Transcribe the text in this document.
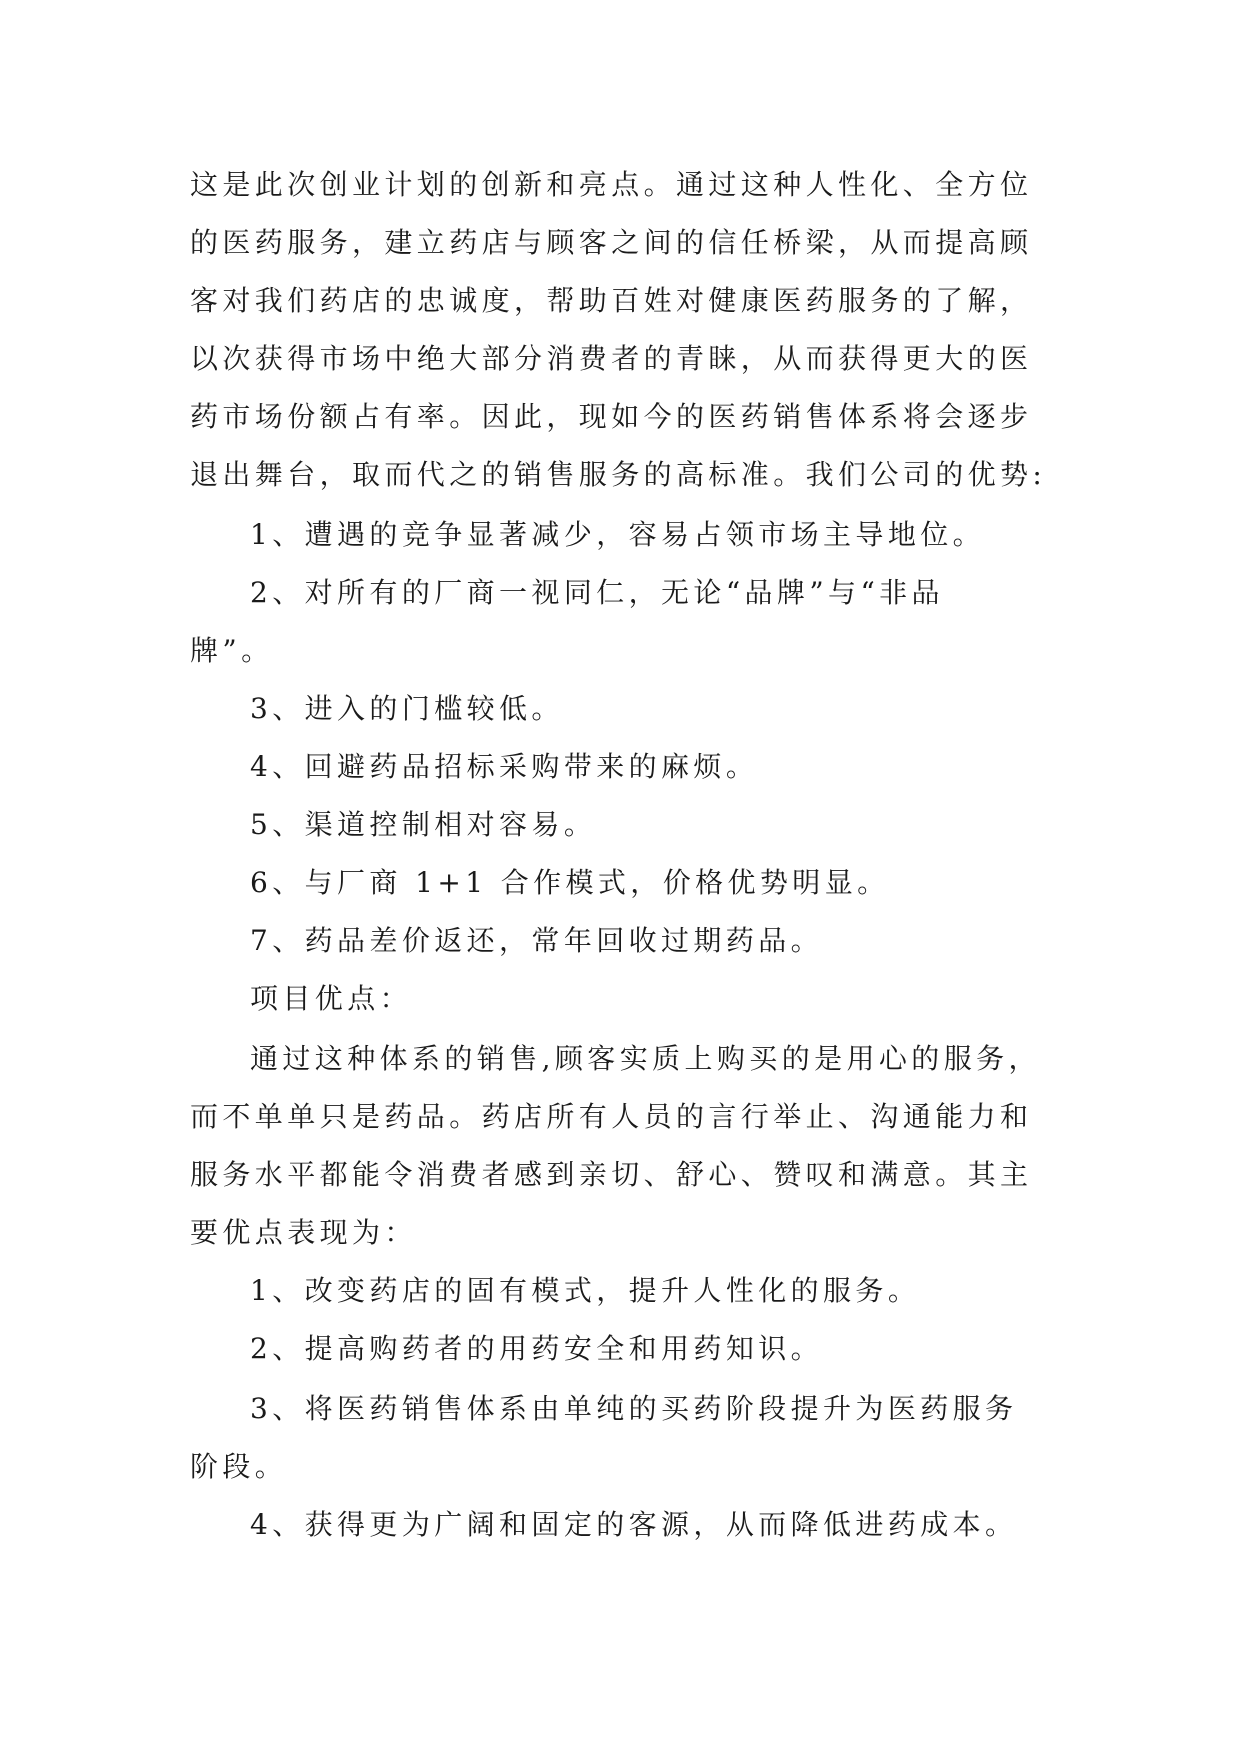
这是此次创业计划的创新和亮点。通过这种人性化、全方位
的医药服务，建立药店与顾客之间的信任桥梁，从而提高顾
客对我们药店的忠诚度，帮助百姓对健康医药服务的了解，
以次获得市场中绝大部分消费者的青睐，从而获得更大的医
药市场份额占有率。因此，现如今的医药销售体系将会逐步
退出舞台，取而代之的销售服务的高标准。我们公司的优势:
1、遭遇的竞争显著减少，容易占领市场主导地位。
2、对所有的厂商一视同仁，无论“品牌”与“非品
牌”。
3、进入的门槛较低。
4、回避药品招标采购带来的麻烦。
5、渠道控制相对容易。
6、与厂商 1+1 合作模式，价格优势明显。
7、药品差价返还，常年回收过期药品。
项目优点：
通过这种体系的销售,顾客实质上购买的是用心的服务，
而不单单只是药品。药店所有人员的言行举止、沟通能力和
服务水平都能令消费者感到亲切、舒心、赞叹和满意。其主
要优点表现为：
1、改变药店的固有模式，提升人性化的服务。
2、提高购药者的用药安全和用药知识。
3、将医药销售体系由单纯的买药阶段提升为医药服务
阶段。
4、获得更为广阔和固定的客源，从而降低进药成本。
